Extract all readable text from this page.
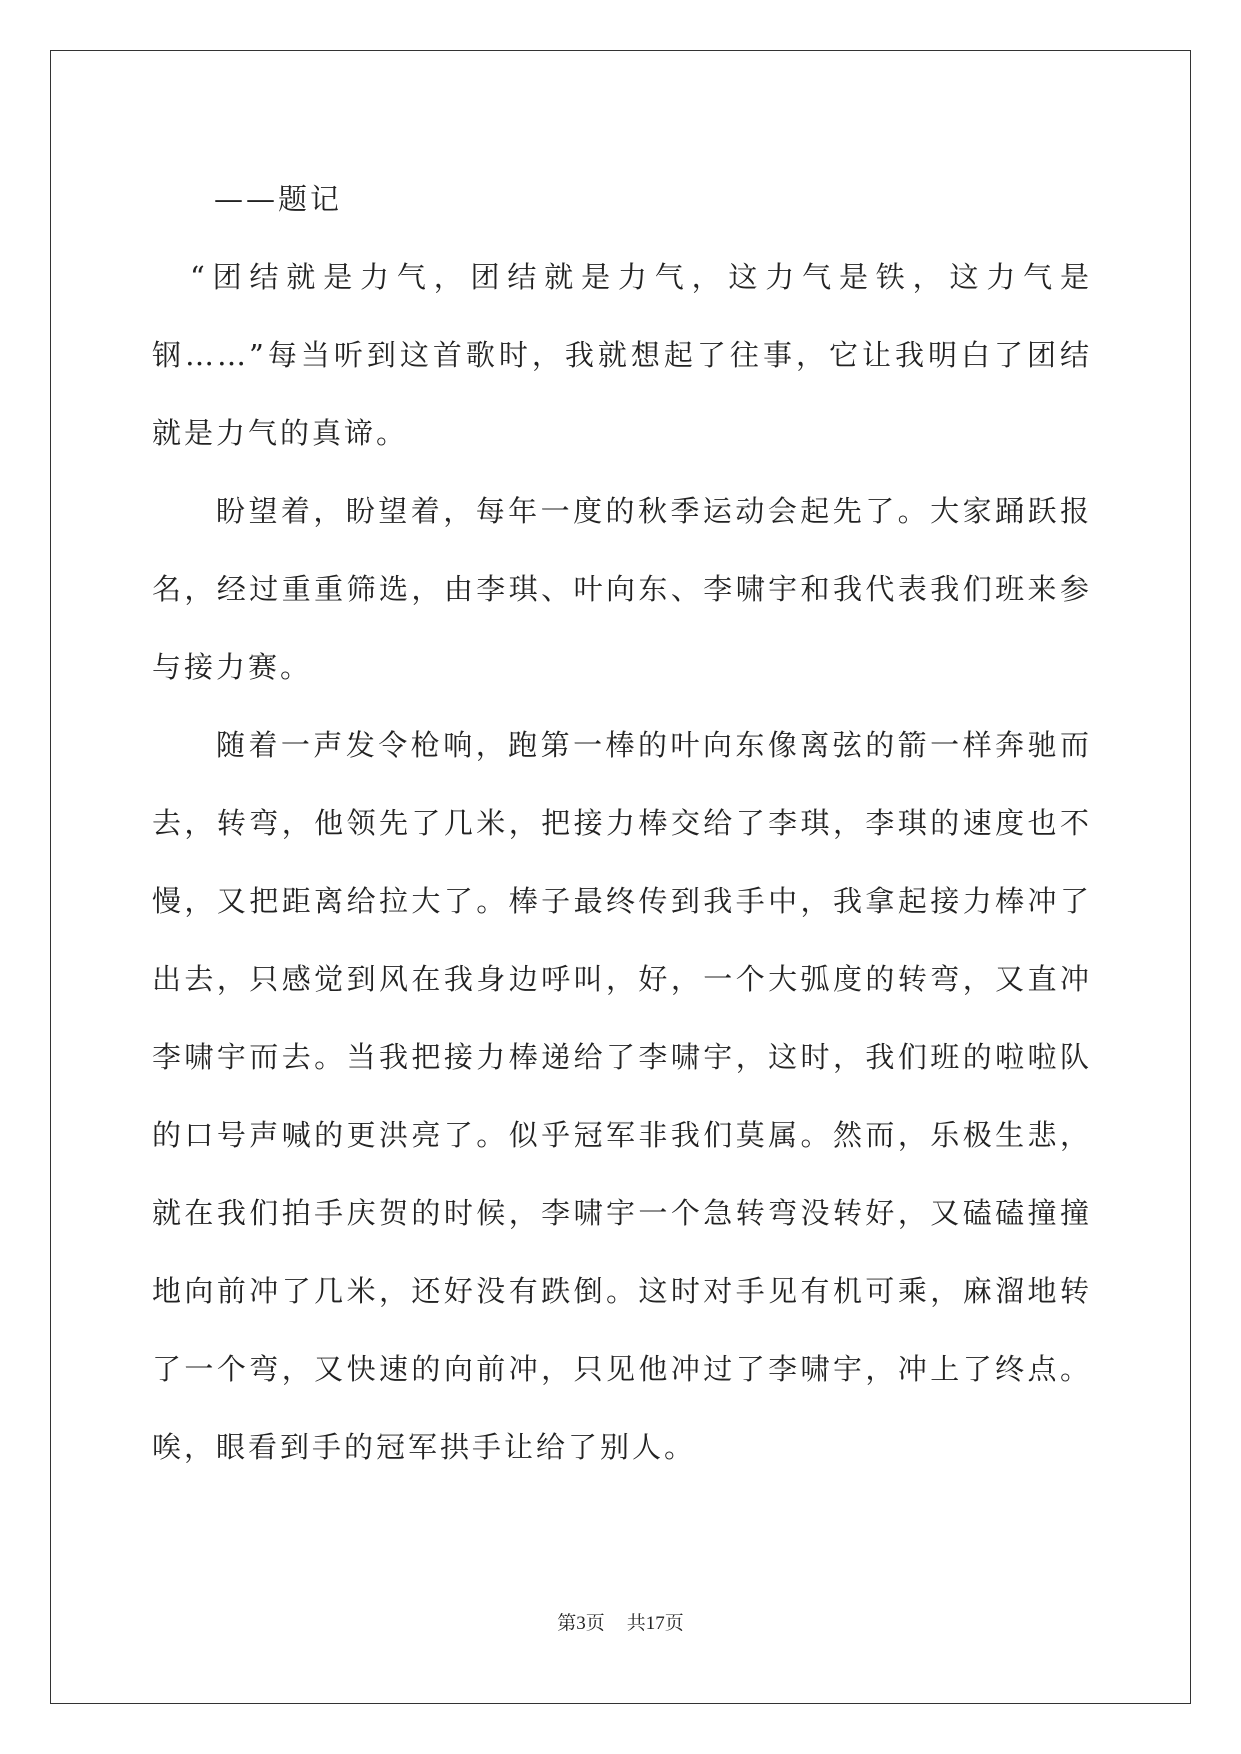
——题记

“团结就是力气，团结就是力气，这力气是铁，这力气是钢……”每当听到这首歌时，我就想起了往事，它让我明白了团结就是力气的真谛。

盼望着，盼望着，每年一度的秋季运动会起先了。大家踊跃报名，经过重重筛选，由李琪、叶向东、李啸宇和我代表我们班来参与接力赛。

随着一声发令枪响，跑第一棒的叶向东像离弦的箭一样奔驰而去，转弯，他领先了几米，把接力棒交给了李琪，李琪的速度也不慢，又把距离给拉大了。棒子最终传到我手中，我拿起接力棒冲了出去，只感觉到风在我身边呼叫，好，一个大弧度的转弯，又直冲李啸宇而去。当我把接力棒递给了李啸宇，这时，我们班的啦啦队的口号声喊的更洪亮了。似乎冠军非我们莫属。然而，乐极生悲，就在我们拍手庆贺的时候，李啸宇一个急转弯没转好，又磕磕撞撞地向前冲了几米，还好没有跌倒。这时对手见有机可乘，麻溜地转了一个弯，又快速的向前冲，只见他冲过了李啸宇，冲上了终点。唉，眼看到手的冠军拱手让给了别人。

第3页 共17页
